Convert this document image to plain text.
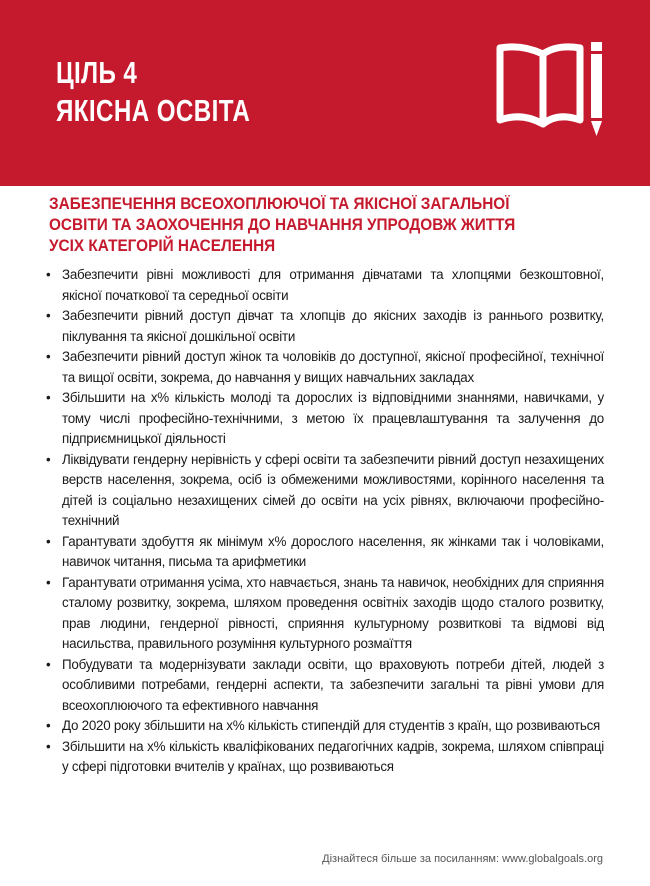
ЦІЛЬ 4
ЯКІСНА ОСВІТА
ЗАБЕЗПЕЧЕННЯ ВСЕОХОПЛЮЮЧОЇ ТА ЯКІСНОЇ ЗАГАЛЬНОЇ
ОСВІТИ ТА ЗАОХОЧЕННЯ ДО НАВЧАННЯ УПРОДОВЖ ЖИТТЯ
УСІХ КАТЕГОРІЙ НАСЕЛЕННЯ
• Забезпечити рівні можливості для отримання дівчатами та хлопцями безкоштовної, якісної початкової та середньої освіти
• Забезпечити рівний доступ дівчат та хлопців до якісних заходів із раннього розвитку, піклування та якісної дошкільної освіти
• Забезпечити рівний доступ жінок та чоловіків до доступної, якісної професійної, технічної та вищої освіти, зокрема, до навчання у вищих навчальних закладах
• Збільшити на х% кількість молоді та дорослих із відповідними знаннями, навичками, у тому числі професійно-технічними, з метою їх працевлаштування та залучення до підприємницької діяльності
• Ліквідувати гендерну нерівність у сфері освіти та забезпечити рівний доступ незахищених верств населення, зокрема, осіб із обмеженими можливостями, корінного населення та дітей із соціально незахищених сімей до освіти на усіх рівнях, включаючи професійно-технічний
• Гарантувати здобуття як мінімум х% дорослого населення, як жінками так і чоловіками, навичок читання, письма та арифметики
• Гарантувати отримання усіма, хто навчається, знань та навичок, необхідних для сприяння сталому розвитку, зокрема, шляхом проведення освітніх заходів щодо сталого розвитку, прав людини, гендерної рівності, сприяння культурному розвиткові та відмові від насильства, правильного розуміння культурного розмаїття
• Побудувати та модернізувати заклади освіти, що враховують потреби дітей, людей з особливими потребами, гендерні аспекти, та забезпечити загальні та рівні умови для всеохоплюючого та ефективного навчання
• До 2020 року збільшити на х% кількість стипендій для студентів з країн, що розвиваються
• Збільшити на х% кількість кваліфікованих педагогічних кадрів, зокрема, шляхом співпраці у сфері підготовки вчителів у країнах, що розвиваються
Дізнайтеся більше за посиланням: www.globalgoals.org
